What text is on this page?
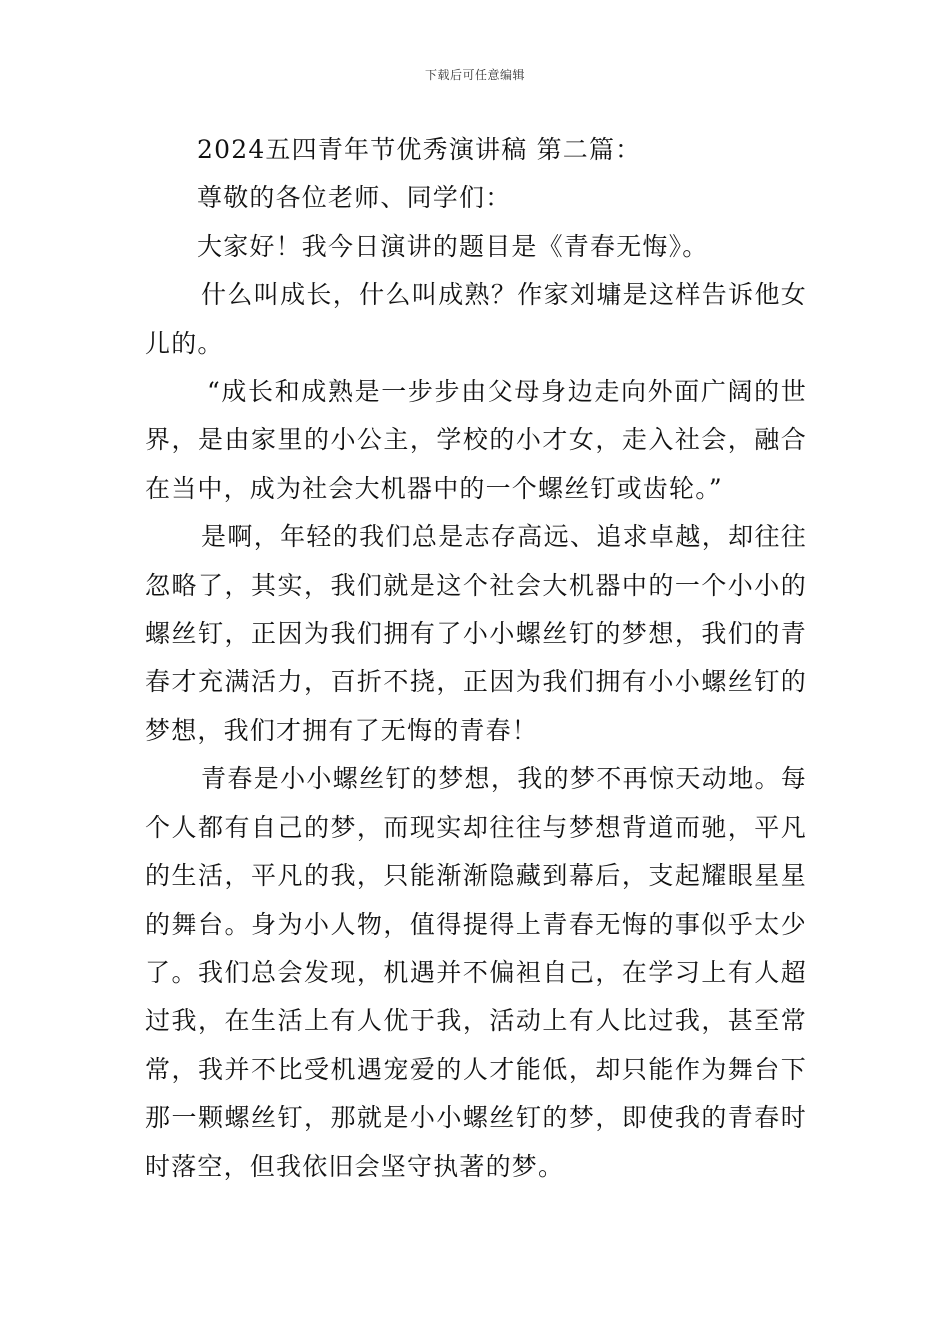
下载后可任意编辑

2024五四青年节优秀演讲稿 第二篇：

尊敬的各位老师、同学们：

大家好！我今日演讲的题目是《青春无悔》。

什么叫成长，什么叫成熟？作家刘墉是这样告诉他女儿的。

“成长和成熟是一步步由父母身边走向外面广阔的世界，是由家里的小公主，学校的小才女，走入社会，融合在当中，成为社会大机器中的一个螺丝钉或齿轮。”

是啊，年轻的我们总是志存高远、追求卓越，却往往忽略了，其实，我们就是这个社会大机器中的一个小小的螺丝钉，正因为我们拥有了小小螺丝钉的梦想，我们的青春才充满活力，百折不挠，正因为我们拥有小小螺丝钉的梦想，我们才拥有了无悔的青春！

青春是小小螺丝钉的梦想，我的梦不再惊天动地。每个人都有自己的梦，而现实却往往与梦想背道而驰，平凡的生活，平凡的我，只能渐渐隐藏到幕后，支起耀眼星星的舞台。身为小人物，值得提得上青春无悔的事似乎太少了。我们总会发现，机遇并不偏袒自己，在学习上有人超过我，在生活上有人优于我，活动上有人比过我，甚至常常，我并不比受机遇宠爱的人才能低，却只能作为舞台下那一颗螺丝钉，那就是小小螺丝钉的梦，即使我的青春时时落空，但我依旧会坚守执著的梦。
